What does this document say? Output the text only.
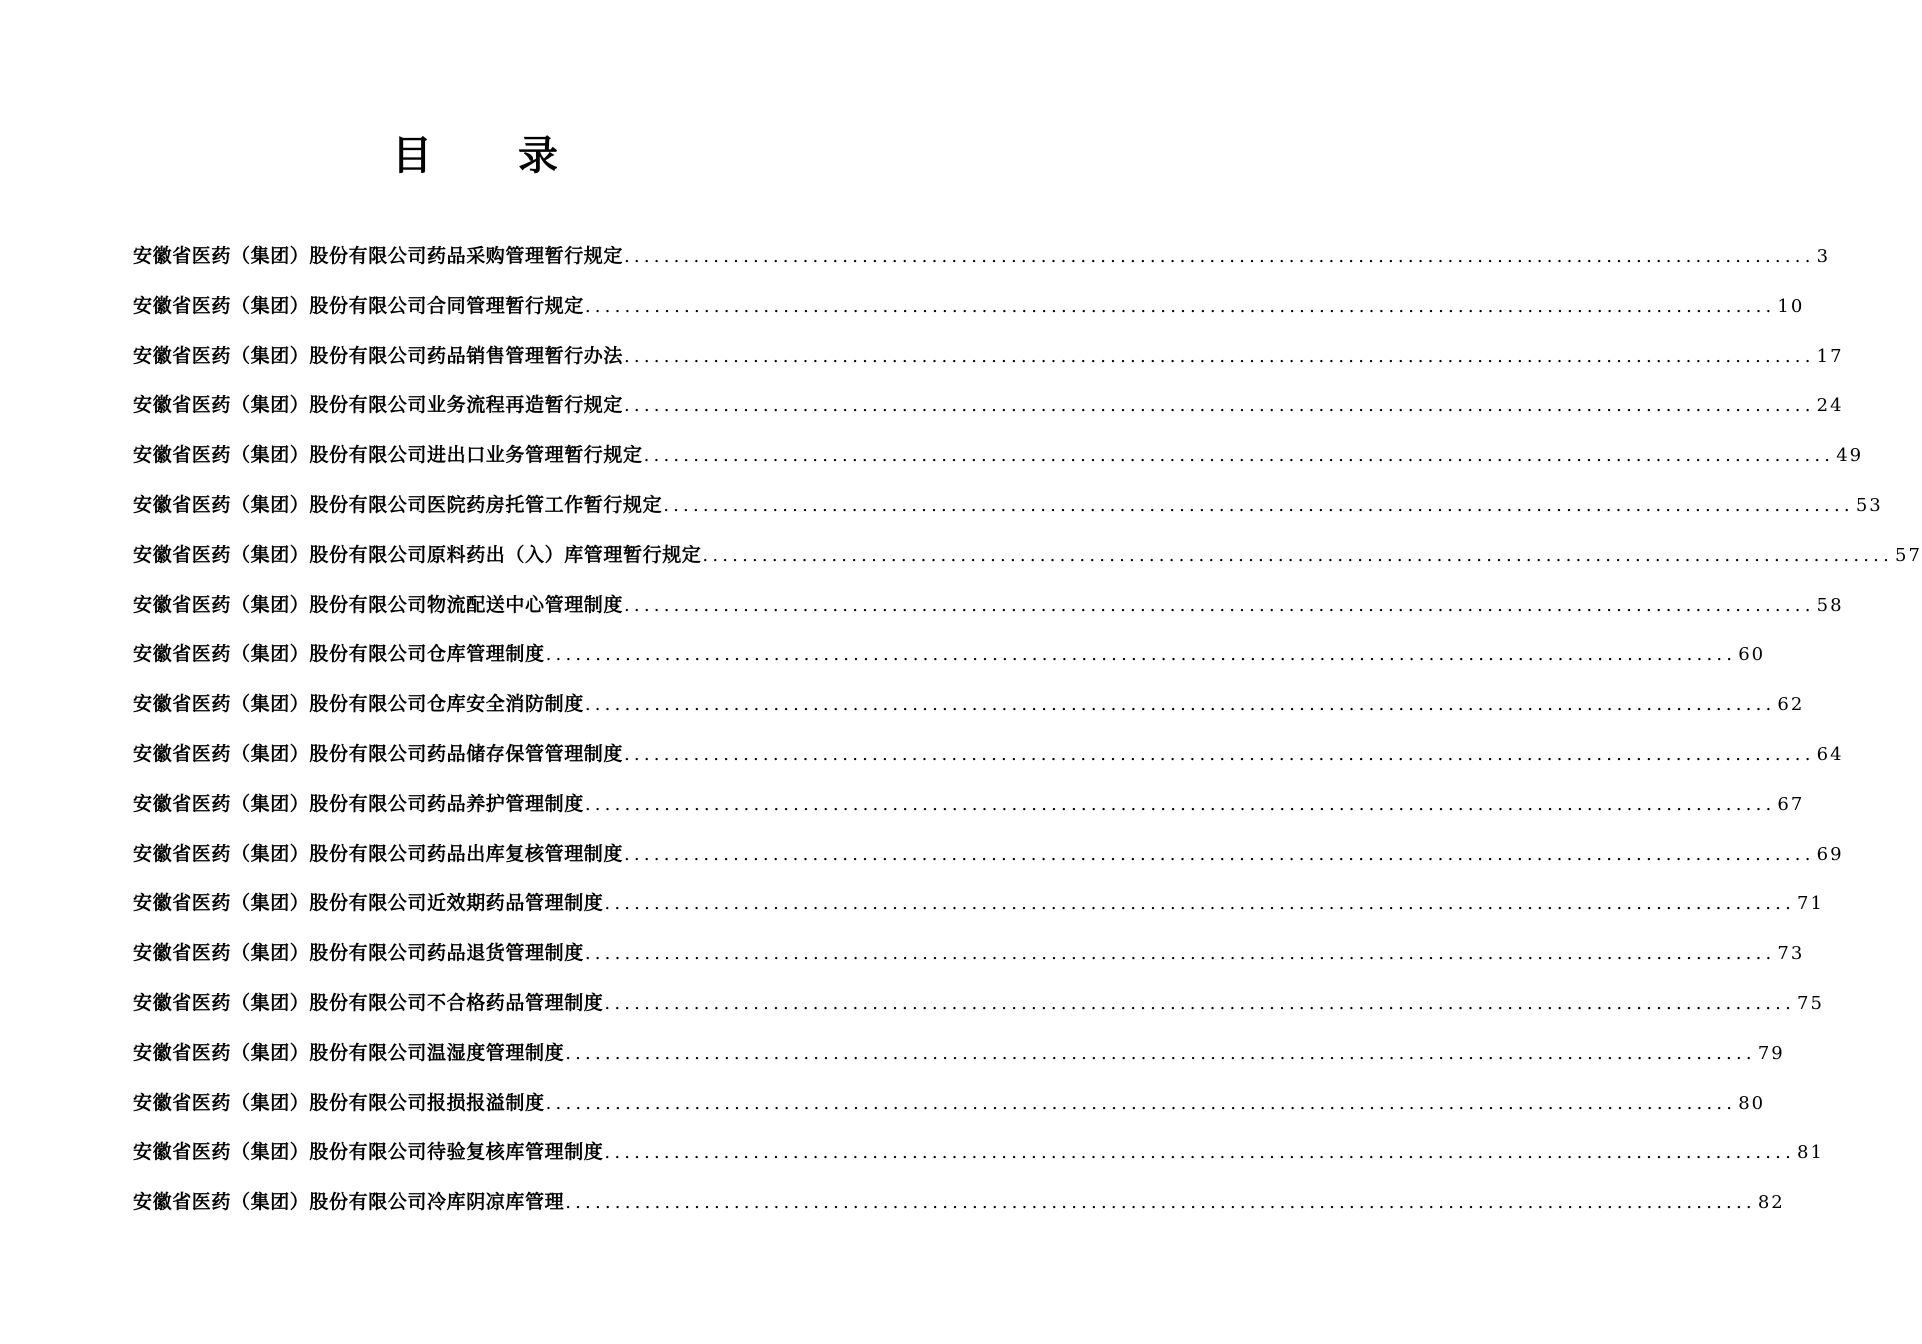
目 录
安徽省医药（集团）股份有限公司药品采购管理暂行规定 ........................................................................................................................ 3
安徽省医药（集团）股份有限公司合同管理暂行规定 ........................................................................................................................ 10
安徽省医药（集团）股份有限公司药品销售管理暂行办法 ........................................................................................................................ 17
安徽省医药（集团）股份有限公司业务流程再造暂行规定 ........................................................................................................................ 24
安徽省医药（集团）股份有限公司进出口业务管理暂行规定 ........................................................................................................................ 49
安徽省医药（集团）股份有限公司医院药房托管工作暂行规定 ........................................................................................................................ 53
安徽省医药（集团）股份有限公司原料药出（入）库管理暂行规定 ........................................................................................................................ 57
安徽省医药（集团）股份有限公司物流配送中心管理制度 ........................................................................................................................ 58
安徽省医药（集团）股份有限公司仓库管理制度 ........................................................................................................................ 60
安徽省医药（集团）股份有限公司仓库安全消防制度 ........................................................................................................................ 62
安徽省医药（集团）股份有限公司药品储存保管管理制度 ........................................................................................................................ 64
安徽省医药（集团）股份有限公司药品养护管理制度 ........................................................................................................................ 67
安徽省医药（集团）股份有限公司药品出库复核管理制度 ........................................................................................................................ 69
安徽省医药（集团）股份有限公司近效期药品管理制度 ........................................................................................................................ 71
安徽省医药（集团）股份有限公司药品退货管理制度 ........................................................................................................................ 73
安徽省医药（集团）股份有限公司不合格药品管理制度 ........................................................................................................................ 75
安徽省医药（集团）股份有限公司温湿度管理制度 ........................................................................................................................ 79
安徽省医药（集团）股份有限公司报损报溢制度 ........................................................................................................................ 80
安徽省医药（集团）股份有限公司待验复核库管理制度 ........................................................................................................................ 81
安徽省医药（集团）股份有限公司冷库阴凉库管理 ........................................................................................................................ 82
